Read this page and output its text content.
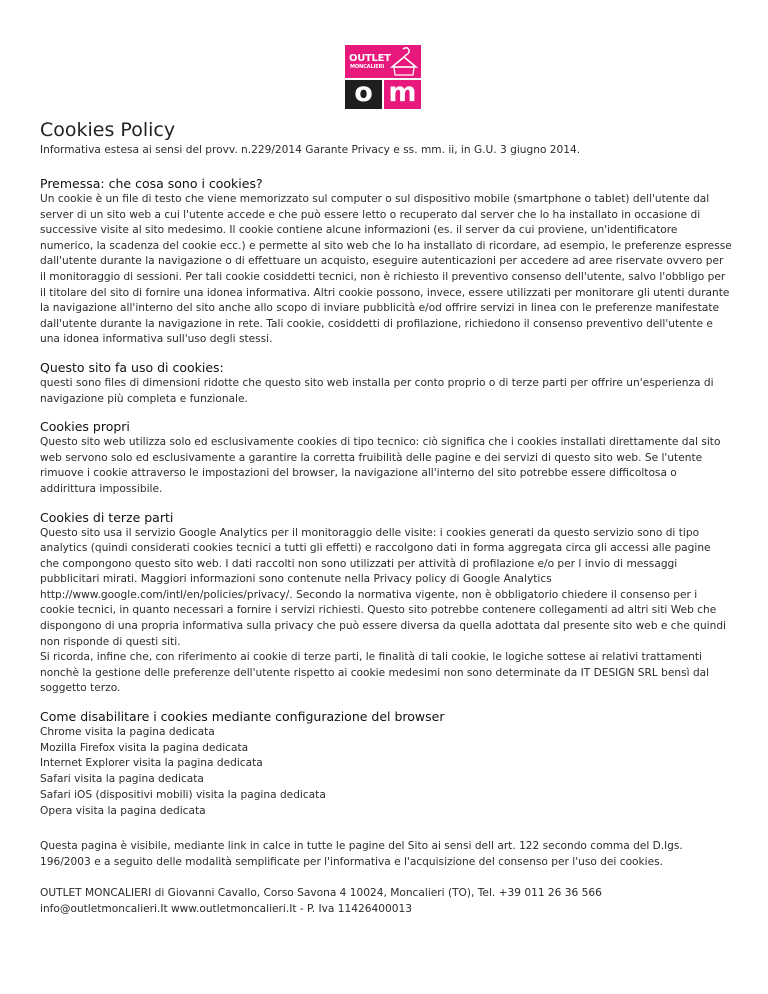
OUTLET
MONCALIERI
o m
Cookies Policy

Informativa estesa ai sensi del provv. n.229/2014 Garante Privacy e ss. mm. ii, in G.U. 3 giugno 2014.

Premessa: che cosa sono i cookies?

Un cookie è un file di testo che viene memorizzato sul computer o sul dispositivo mobile (smartphone o tablet) dell'utente dal server di un sito web a cui l'utente accede e che può essere letto o recuperato dal server che lo ha installato in occasione di successive visite al sito medesimo. Il cookie contiene alcune informazioni (es. il server da cui proviene, un'identificatore numerico, la scadenza del cookie ecc.) e permette al sito web che lo ha installato di ricordare, ad esempio, le preferenze espresse dall'utente durante la navigazione o di effettuare un acquisto, eseguire autenticazioni per accedere ad aree riservate ovvero per il monitoraggio di sessioni. Per tali cookie cosiddetti tecnici, non è richiesto il preventivo consenso dell'utente, salvo l'obbligo per il titolare del sito di fornire una idonea informativa. Altri cookie possono, invece, essere utilizzati per monitorare gli utenti durante la navigazione all'interno del sito anche allo scopo di inviare pubblicità e/od offrire servizi in linea con le preferenze manifestate dall'utente durante la navigazione in rete. Tali cookie, cosiddetti di profilazione, richiedono il consenso preventivo dell'utente e una idonea informativa sull'uso degli stessi.

Questo sito fa uso di cookies:

questi sono files di dimensioni ridotte che questo sito web installa per conto proprio o di terze parti per offrire un'esperienza di navigazione più completa e funzionale.

Cookies propri

Questo sito web utilizza solo ed esclusivamente cookies di tipo tecnico: ciò significa che i cookies installati direttamente dal sito web servono solo ed esclusivamente a garantire la corretta fruibilità delle pagine e dei servizi di questo sito web. Se l'utente rimuove i cookie attraverso le impostazioni del browser, la navigazione all'interno del sito potrebbe essere difficoltosa o addirittura impossibile.

Cookies di terze parti

Questo sito usa il servizio Google Analytics per il monitoraggio delle visite: i cookies generati da questo servizio sono di tipo analytics (quindi considerati cookies tecnici a tutti gli effetti) e raccolgono dati in forma aggregata circa gli accessi alle pagine che compongono questo sito web. I dati raccolti non sono utilizzati per attività di profilazione e/o per l invio di messaggi pubblicitari mirati. Maggiori informazioni sono contenute nella Privacy policy di Google Analytics
http://www.google.com/intl/en/policies/privacy/. Secondo la normativa vigente, non è obbligatorio chiedere il consenso per i cookie tecnici, in quanto necessari a fornire i servizi richiesti. Questo sito potrebbe contenere collegamenti ad altri siti Web che dispongono di una propria informativa sulla privacy che può essere diversa da quella adottata dal presente sito web e che quindi non risponde di questi siti.

Si ricorda, infine che, con riferimento ai cookie di terze parti, le finalità di tali cookie, le logiche sottese ai relativi trattamenti nonchè la gestione delle preferenze dell'utente rispetto ai cookie medesimi non sono determinate da IT DESIGN SRL bensì dal soggetto terzo.

Come disabilitare i cookies mediante configurazione del browser
Chrome visita la pagina dedicata
Mozilla Firefox visita la pagina dedicata
Internet Explorer visita la pagina dedicata
Safari visita la pagina dedicata
Safari iOS (dispositivi mobili) visita la pagina dedicata
Opera visita la pagina dedicata

Questa pagina è visibile, mediante link in calce in tutte le pagine del Sito ai sensi dell art. 122 secondo comma del D.lgs. 196/2003 e a seguito delle modalità semplificate per l'informativa e l'acquisizione del consenso per l'uso dei cookies.

OUTLET MONCALIERI di Giovanni Cavallo, Corso Savona 4 10024, Moncalieri (TO), Tel. +39 011 26 36 566
info@outletmoncalieri.It www.outletmoncalieri.It - P. Iva 11426400013
